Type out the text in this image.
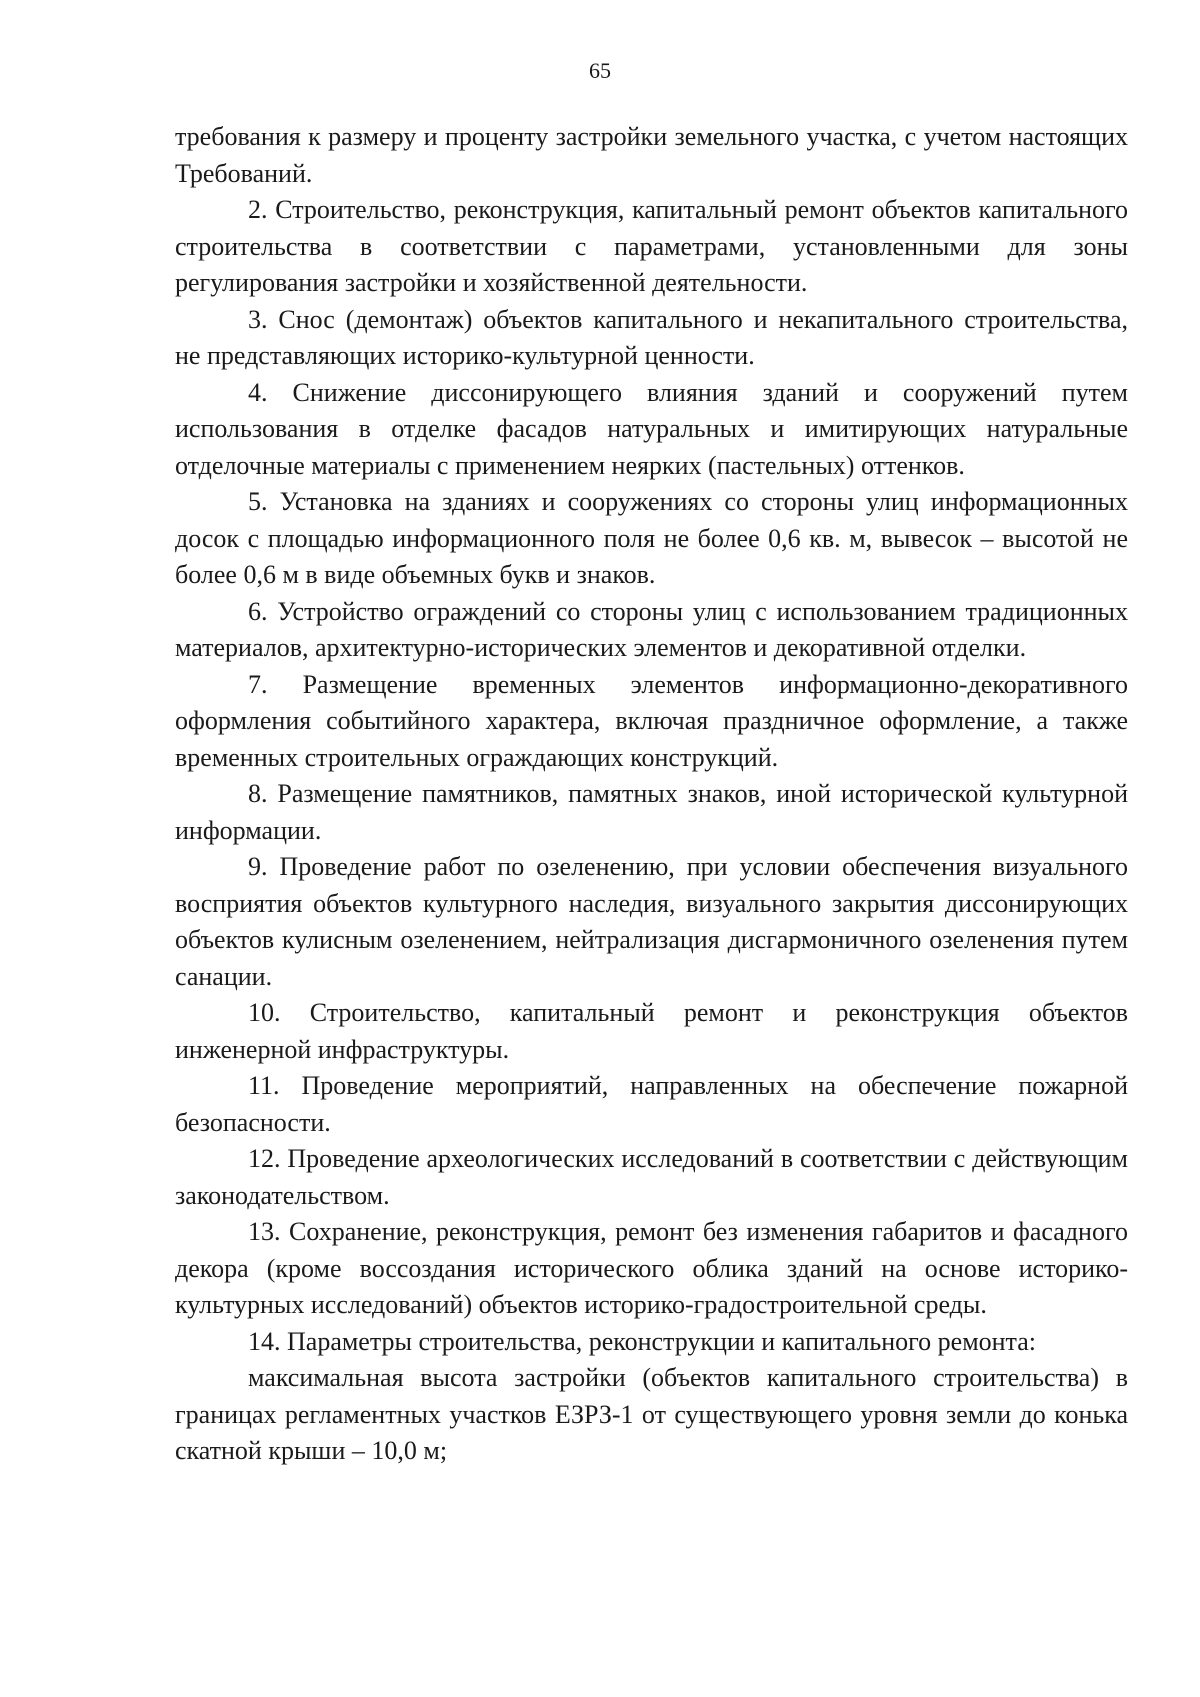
65

требования к размеру и проценту застройки земельного участка, с учетом настоящих Требований.

2. Строительство, реконструкция, капитальный ремонт объектов капитального строительства в соответствии с параметрами, установленными для зоны регулирования застройки и хозяйственной деятельности.

3. Снос (демонтаж) объектов капитального и некапитального строительства, не представляющих историко-культурной ценности.

4. Снижение диссонирующего влияния зданий и сооружений путем использования в отделке фасадов натуральных и имитирующих натуральные отделочные материалы с применением неярких (пастельных) оттенков.

5. Установка на зданиях и сооружениях со стороны улиц информационных досок с площадью информационного поля не более 0,6 кв. м, вывесок – высотой не более 0,6 м в виде объемных букв и знаков.

6. Устройство ограждений со стороны улиц с использованием традиционных материалов, архитектурно-исторических элементов и декоративной отделки.

7. Размещение временных элементов информационно-декоративного оформления событийного характера, включая праздничное оформление, а также временных строительных ограждающих конструкций.

8. Размещение памятников, памятных знаков, иной исторической культурной информации.

9. Проведение работ по озеленению, при условии обеспечения визуального восприятия объектов культурного наследия, визуального закрытия диссонирующих объектов кулисным озеленением, нейтрализация дисгармоничного озеленения путем санации.

10. Строительство, капитальный ремонт и реконструкция объектов инженерной инфраструктуры.

11. Проведение мероприятий, направленных на обеспечение пожарной безопасности.

12. Проведение археологических исследований в соответствии с действующим законодательством.

13. Сохранение, реконструкция, ремонт без изменения габаритов и фасадного декора (кроме воссоздания исторического облика зданий на основе историко-культурных исследований) объектов историко-градостроительной среды.

14. Параметры строительства, реконструкции и капитального ремонта:

максимальная высота застройки (объектов капитального строительства) в границах регламентных участков ЕЗРЗ-1 от существующего уровня земли до конька скатной крыши – 10,0 м;
